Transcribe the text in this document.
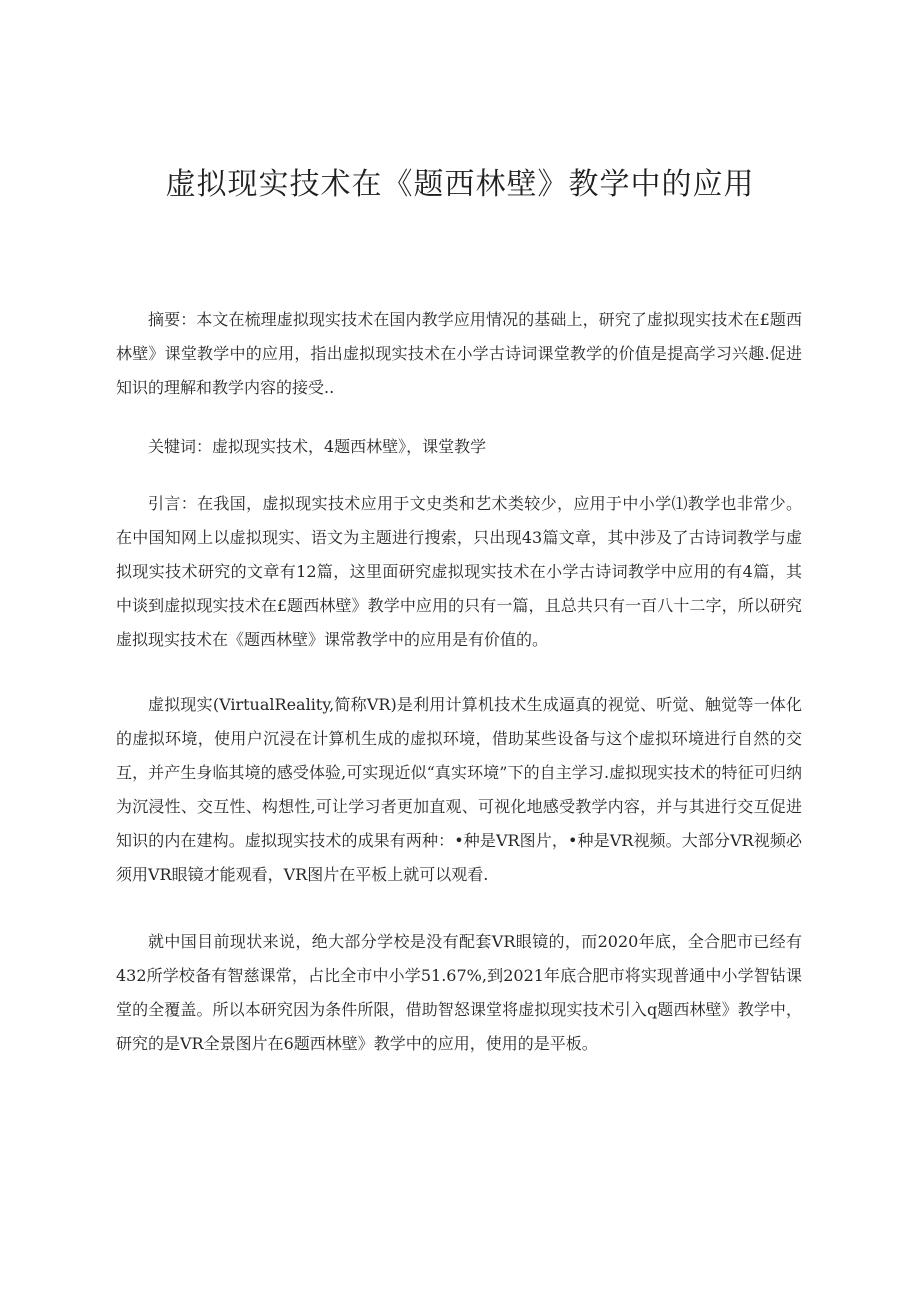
虚拟现实技术在《题西林壁》教学中的应用

摘要：本文在梳理虚拟现实技术在国内教学应用情况的基础上，研究了虚拟现实技术在£题西林壁》课堂教学中的应用，指出虚拟现实技术在小学古诗词课堂教学的价值是提高学习兴趣.促进知识的理解和教学内容的接受..

关犍词：虚拟现实技术，4题西林壁》，课堂教学

引言：在我国，虚拟现实技术应用于文史类和艺术类较少，应用于中小学⑴教学也非常少。在中国知网上以虚拟现实、语文为主题进行搜索，只出现43篇文章，其中涉及了古诗词教学与虚拟现实技术研究的文章有12篇，这里面研究虚拟现实技术在小学古诗词教学中应用的有4篇，其中谈到虚拟现实技术在£题西林壁》教学中应用的只有一篇，且总共只有一百八十二字，所以研究虚拟现实技术在《题西林壁》课常教学中的应用是有价值的。

虚拟现实(VirtualReality,简称VR)是利用计算机技术生成逼真的视觉、听觉、触觉等一体化的虚拟环境，使用户沉浸在计算机生成的虚拟环境，借助某些设备与这个虚拟环境进行自然的交互，并产生身临其境的感受体验,可实现近似“真实环境”下的自主学习.虚拟现实技术的特征可归纳为沉浸性、交互性、构想性,可让学习者更加直观、可视化地感受教学内容，并与其进行交互促进知识的内在建构。虚拟现实技术的成果有两种：•种是VR图片，•种是VR视频。大部分VR视频必须用VR眼镜才能观看，VR图片在平板上就可以观看.

就中国目前现状来说，绝大部分学校是没有配套VR眼镜的，而2020年底，全合肥市已经有432所学校备有智慈课常，占比全市中小学51.67%,到2021年底合肥市将实现普通中小学智钻课堂的全覆盖。所以本研究因为条件所限，借助智怒课堂将虚拟现实技术引入q题西林壁》教学中，研究的是VR全景图片在6题西林壁》教学中的应用，使用的是平板。
